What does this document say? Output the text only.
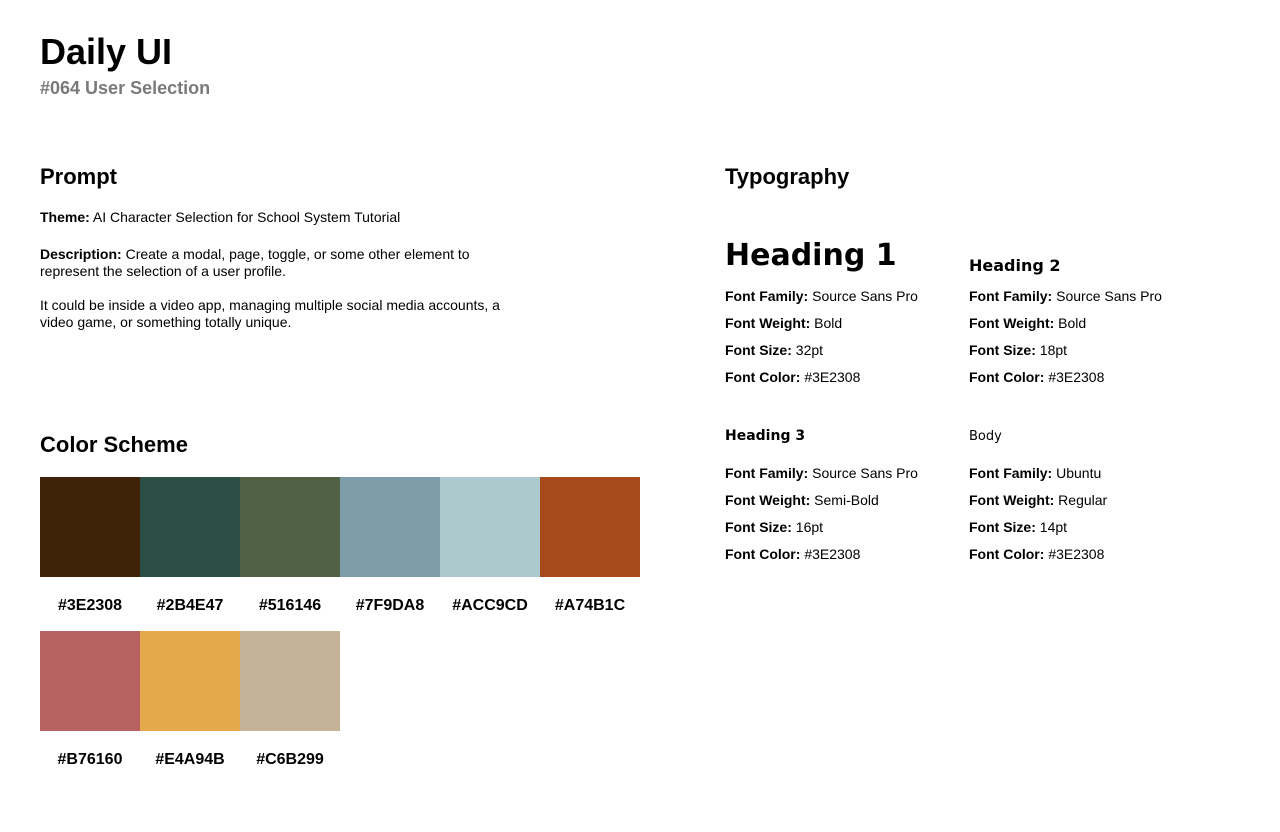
Daily UI
#064 User Selection
Prompt

Theme: AI Character Selection for School System Tutorial

Description: Create a modal, page, toggle, or some other element to represent the selection of a user profile.

It could be inside a video app, managing multiple social media accounts, a video game, or something totally unique.

Color Scheme
#3E2308	#2B4E47	#516146	#7F9DA8	#ACC9CD	#A74B1C
#B76160	#E4A94B	#C6B299
Typography
Heading 1
Font Family: Source Sans Pro
Font Weight: Bold
Font Size: 32pt
Font Color: #3E2308
Heading 2
Font Family: Source Sans Pro
Font Weight: Bold
Font Size: 18pt
Font Color: #3E2308
Heading 3
Font Family: Source Sans Pro
Font Weight: Semi-Bold
Font Size: 16pt
Font Color: #3E2308
Body
Font Family: Ubuntu
Font Weight: Regular
Font Size: 14pt
Font Color: #3E2308
